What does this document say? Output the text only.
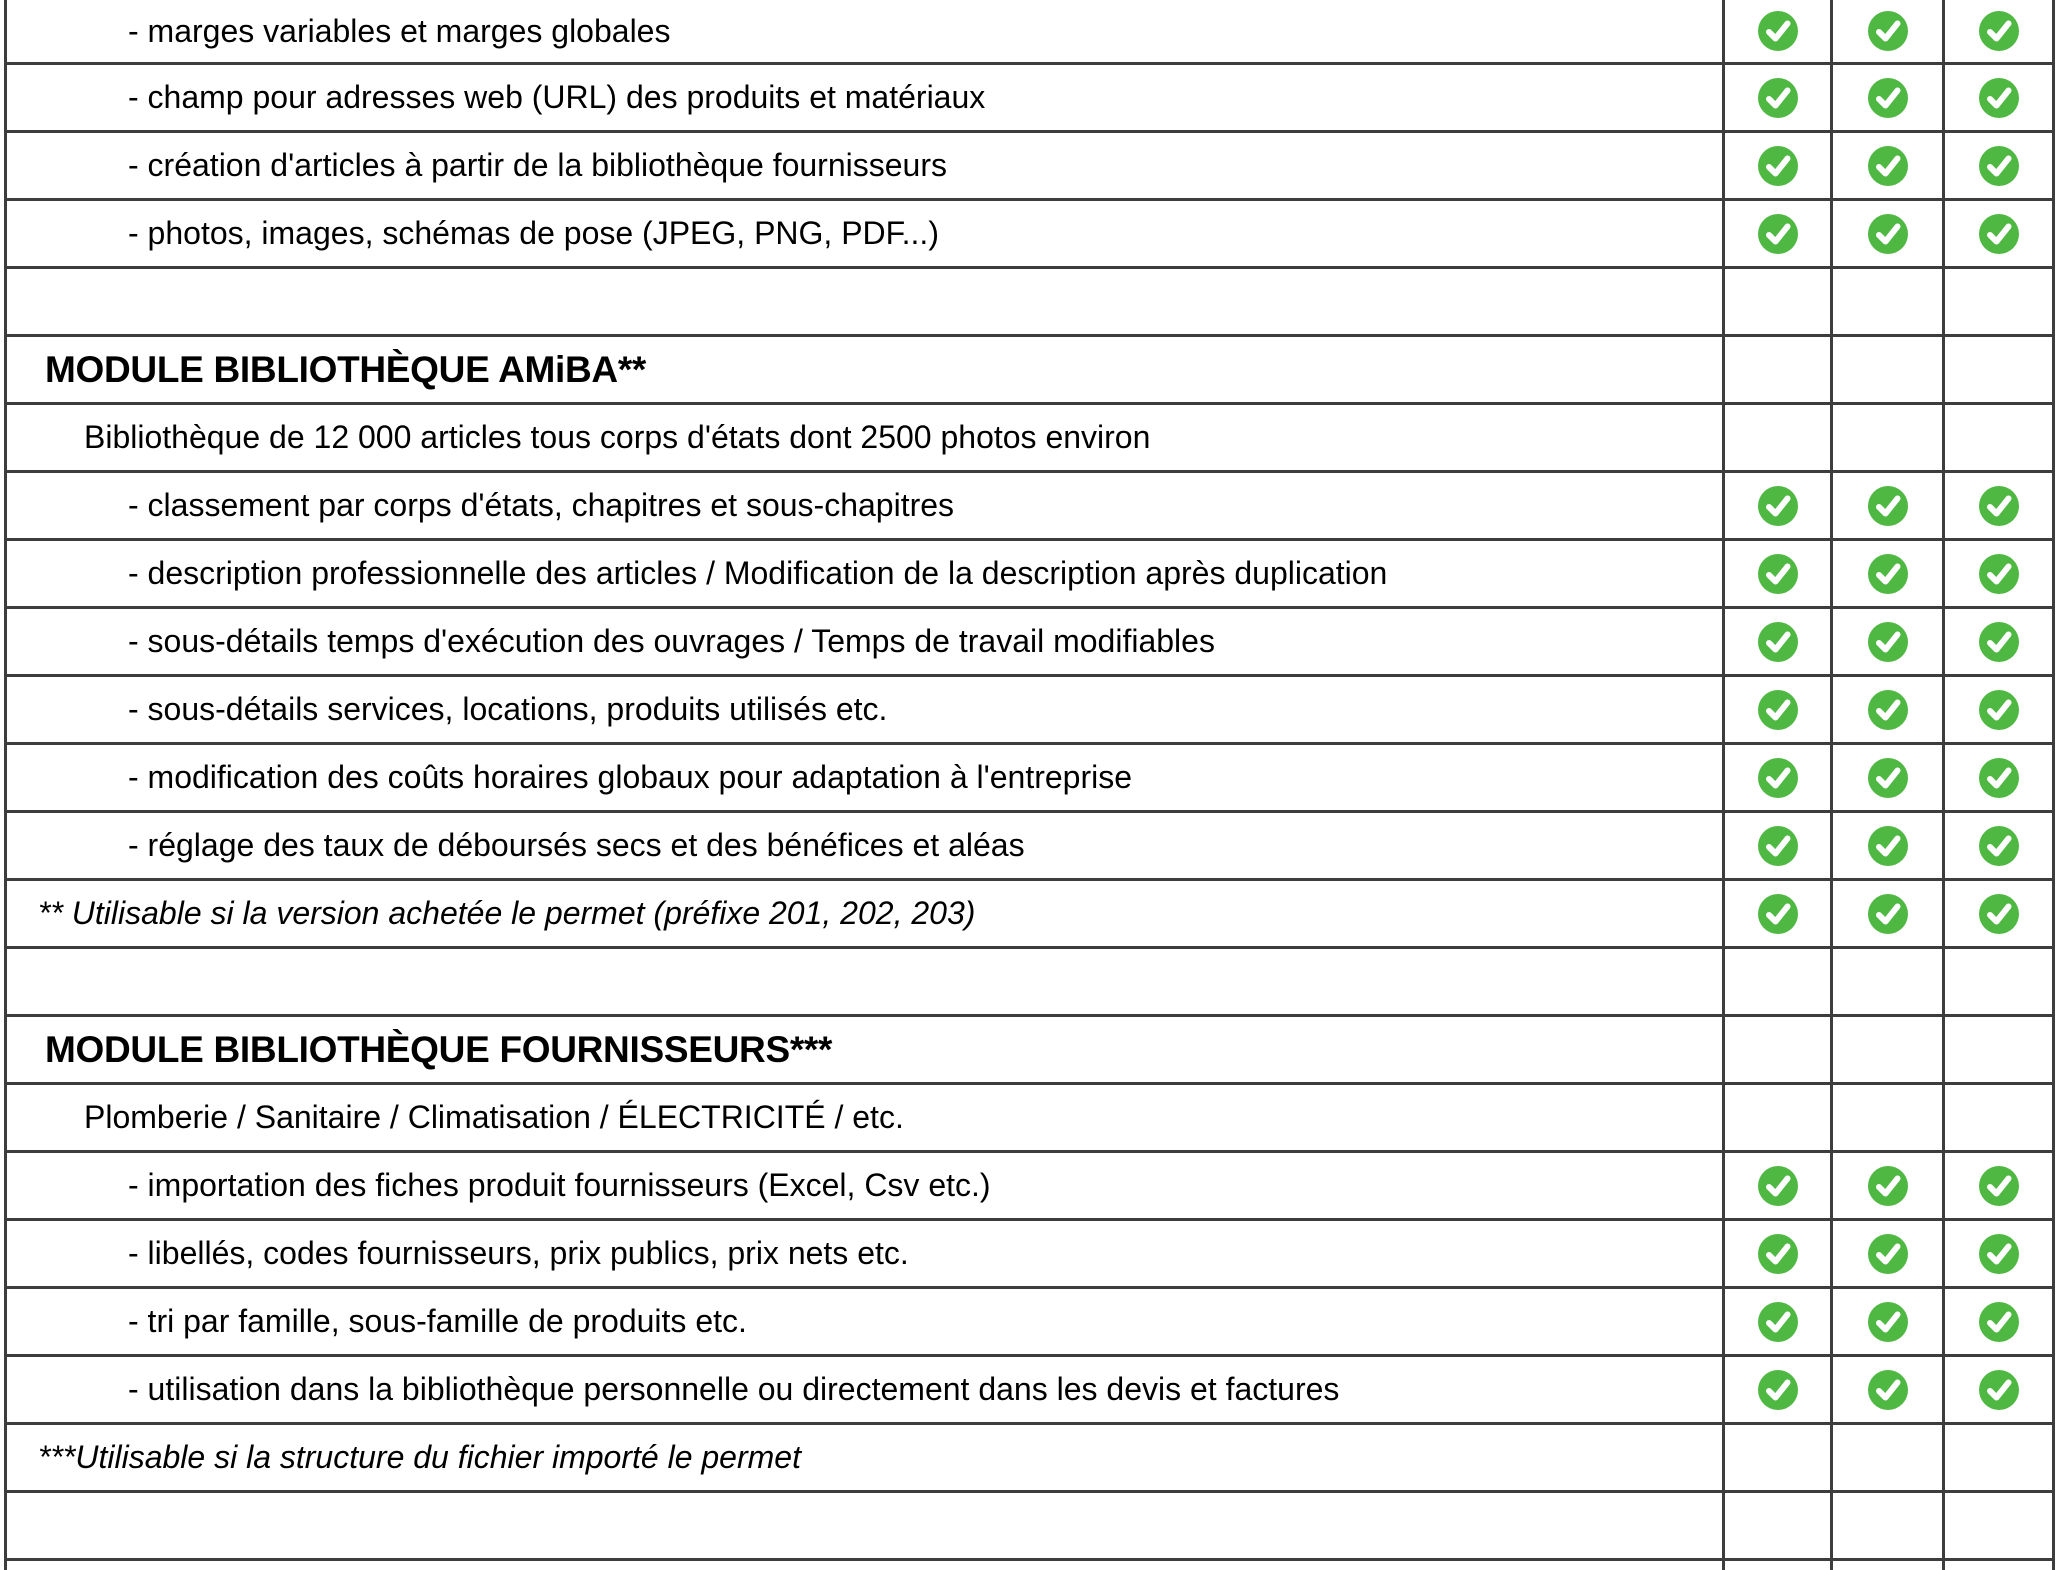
- marges variables et marges globales
- champ pour adresses web (URL) des produits et matériaux
- création d'articles à partir de la bibliothèque fournisseurs
- photos, images, schémas de pose (JPEG, PNG, PDF...)
MODULE BIBLIOTHÈQUE AMiBA**
Bibliothèque de 12 000 articles tous corps d'états dont 2500 photos environ
- classement par corps d'états, chapitres et sous-chapitres
- description professionnelle des articles / Modification de la description après duplication
- sous-détails temps d'exécution des ouvrages / Temps de travail modifiables
- sous-détails services, locations, produits utilisés etc.
- modification des coûts horaires globaux pour adaptation à l'entreprise
- réglage des taux de déboursés secs et des bénéfices et aléas
** Utilisable si la version achetée le permet (préfixe 201, 202, 203)
MODULE BIBLIOTHÈQUE FOURNISSEURS***
Plomberie / Sanitaire / Climatisation / ÉLECTRICITÉ / etc.
- importation des fiches produit fournisseurs (Excel, Csv etc.)
- libellés, codes fournisseurs, prix publics, prix nets etc.
- tri par famille, sous-famille de produits etc.
- utilisation dans la bibliothèque personnelle ou directement dans les devis et factures
***Utilisable si la structure du fichier importé le permet
